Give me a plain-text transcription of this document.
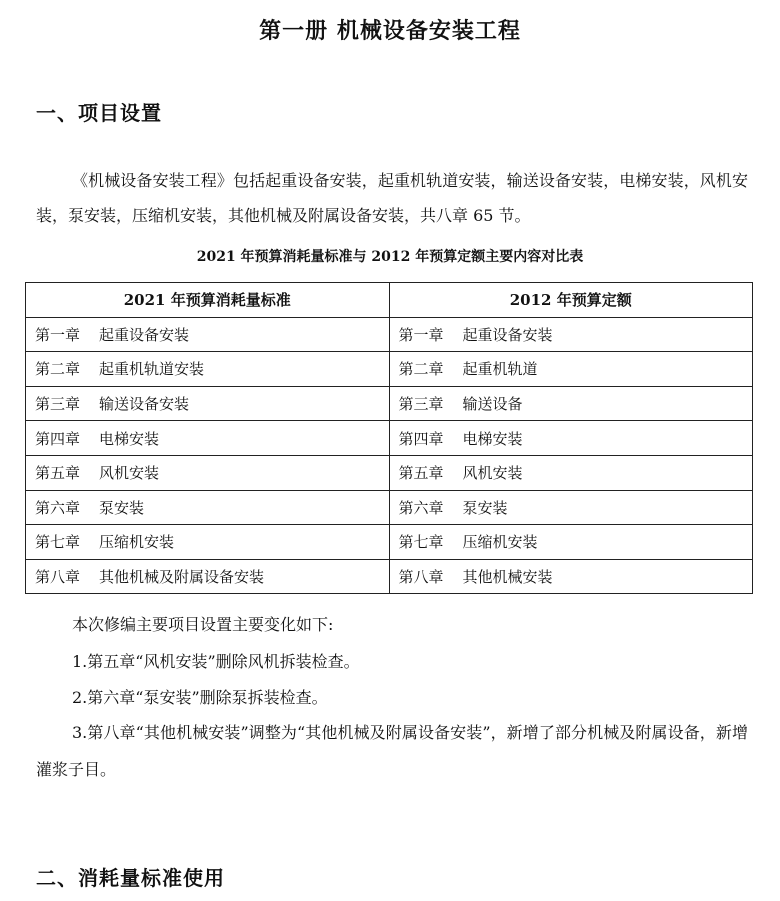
第一册 机械设备安装工程
一、项目设置
《机械设备安装工程》包括起重设备安装，起重机轨道安装，输送设备安装，电梯安装，风机安装，泵安装，压缩机安装，其他机械及附属设备安装，共八章 65 节。
2021 年预算消耗量标准与 2012 年预算定额主要内容对比表
2021 年预算消耗量标准	2012 年预算定额
第一章 起重设备安装	第一章 起重设备安装
第二章 起重机轨道安装	第二章 起重机轨道
第三章 输送设备安装	第三章 输送设备
第四章 电梯安装	第四章 电梯安装
第五章 风机安装	第五章 风机安装
第六章 泵安装	第六章 泵安装
第七章 压缩机安装	第七章 压缩机安装
第八章 其他机械及附属设备安装	第八章 其他机械安装
本次修编主要项目设置主要变化如下:
1.第五章“风机安装”删除风机拆装检查。
2.第六章“泵安装”删除泵拆装检查。
3.第八章“其他机械安装”调整为“其他机械及附属设备安装”，新增了部分机械及附属设备，新增灌浆子目。
二、消耗量标准使用
